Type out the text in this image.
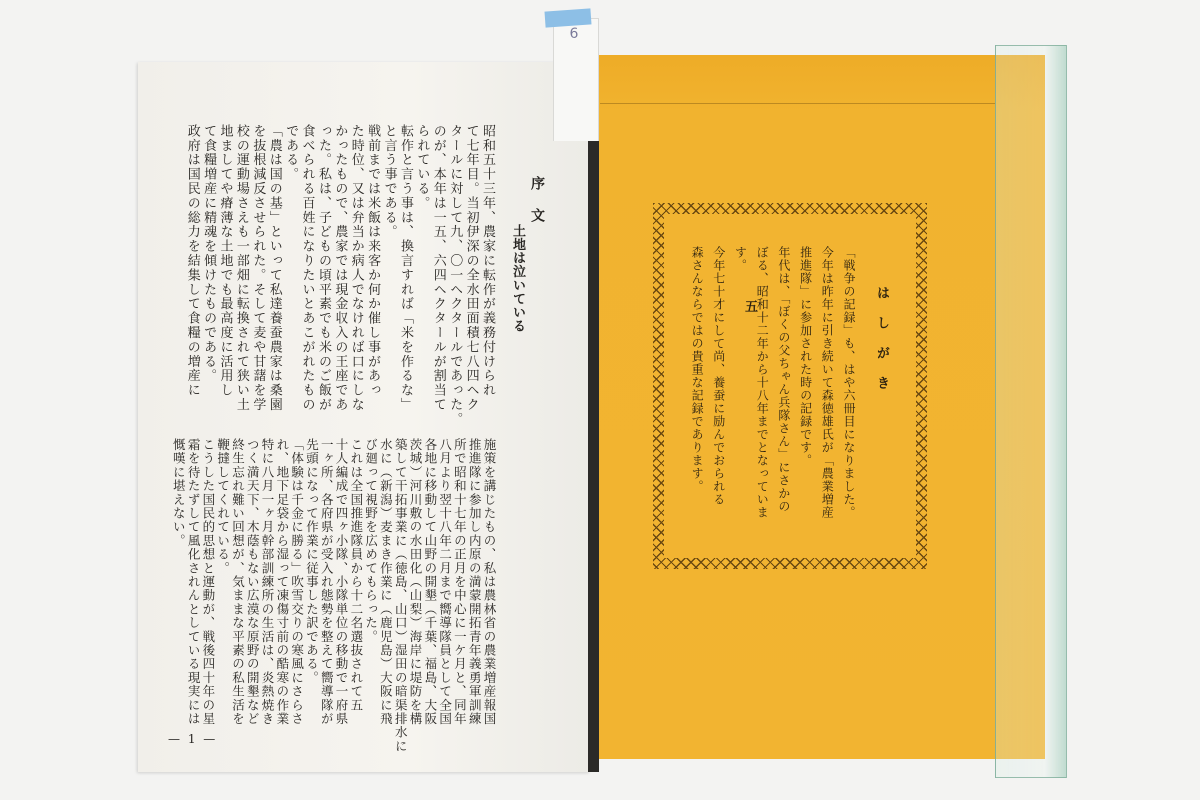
6
序　文
土地は泣いている
昭和五十三年、農家に転作が義務付けられ
て七年目。当初伊深の全水田面積七八四ヘク
タールに対して九、〇一ヘクタールであった。
のが、本年は一五、六四ヘクタールが割当て
られている。
転作と言う事は、換言すれば「米を作るな」
と言う事である。
戦前までは米飯は来客か何か催し事があっ
た時位、又は弁当か病人でなければ口にしな
かったもので、農家では現金収入の王座であ
った。私は、子どもの頃平素でも米のご飯が
食べられる百姓になりたいとあこがれたもの
である。
「農は国の基」といって私達養蚕農家は桑園
を抜根減反させられた。そして麦や甘藷を学
校の運動場さえも一部畑に転換されて狭い土
地ましてや瘠薄な土地でも最高度に活用し
て食糧増産に精魂を傾けたものである。
政府は国民の総力を結集して食糧の増産に
施策を講じたもの、私は農林省の農業増産報国
推進隊に参加し内原の満蒙開拓青年義勇軍訓練
所で昭和十七年の正月を中心に一ケ月と、同年
八月より翌十八年二月まで嚮導隊員として全国
各地に移動して山野の開墾（千葉、福島、大阪
茨城）河川敷の水田化（山梨）海岸に堤防を構
築して干拓事業に（徳島、山口）湿田の暗渠排水に
水に（新潟）麦まき作業に（鹿児島）大阪に飛
び廻って視野を広めてもらった。
これは全国推進隊員から十二名選抜されて五
十人編成で四ヶ小隊、小隊単位の移動で一府県
一ヶ所、各府県が受入れ態勢を整えて嚮導隊が
先頭になって作業に従事した訳である。
「体験は千金に勝る」吹雪交りの寒風にさらさ
れ、地下足袋から湿って凍傷寸前の酷寒の作業
特に八月一ヶ月幹部訓練所の生活は、炎熱焼き
つく満天下、木蔭もない広漠な原野の開墾など
終生忘れ難い回想が、気ままな平素の私生活を
鞭撻してくれている。
こうした国民的思想と運動が、戦後四十年の星
霜を待たずして風化されんとしている現実には
慨嘆に堪えない。
— 1 —
はしがき
「戦争の記録」も、はや六冊目になりました。
今年は昨年に引き続いて森徳雄氏が「農業増産
推進隊」に参加された時の記録です。
年代は、「ぼくの父ちゃん兵隊さん」にさかの
ぼる、昭和十二年から十八年までとなっていま
す。
今年七十才にして尚、養蚕に励んでおられる
森さんならではの貴重な記録であります。	五
